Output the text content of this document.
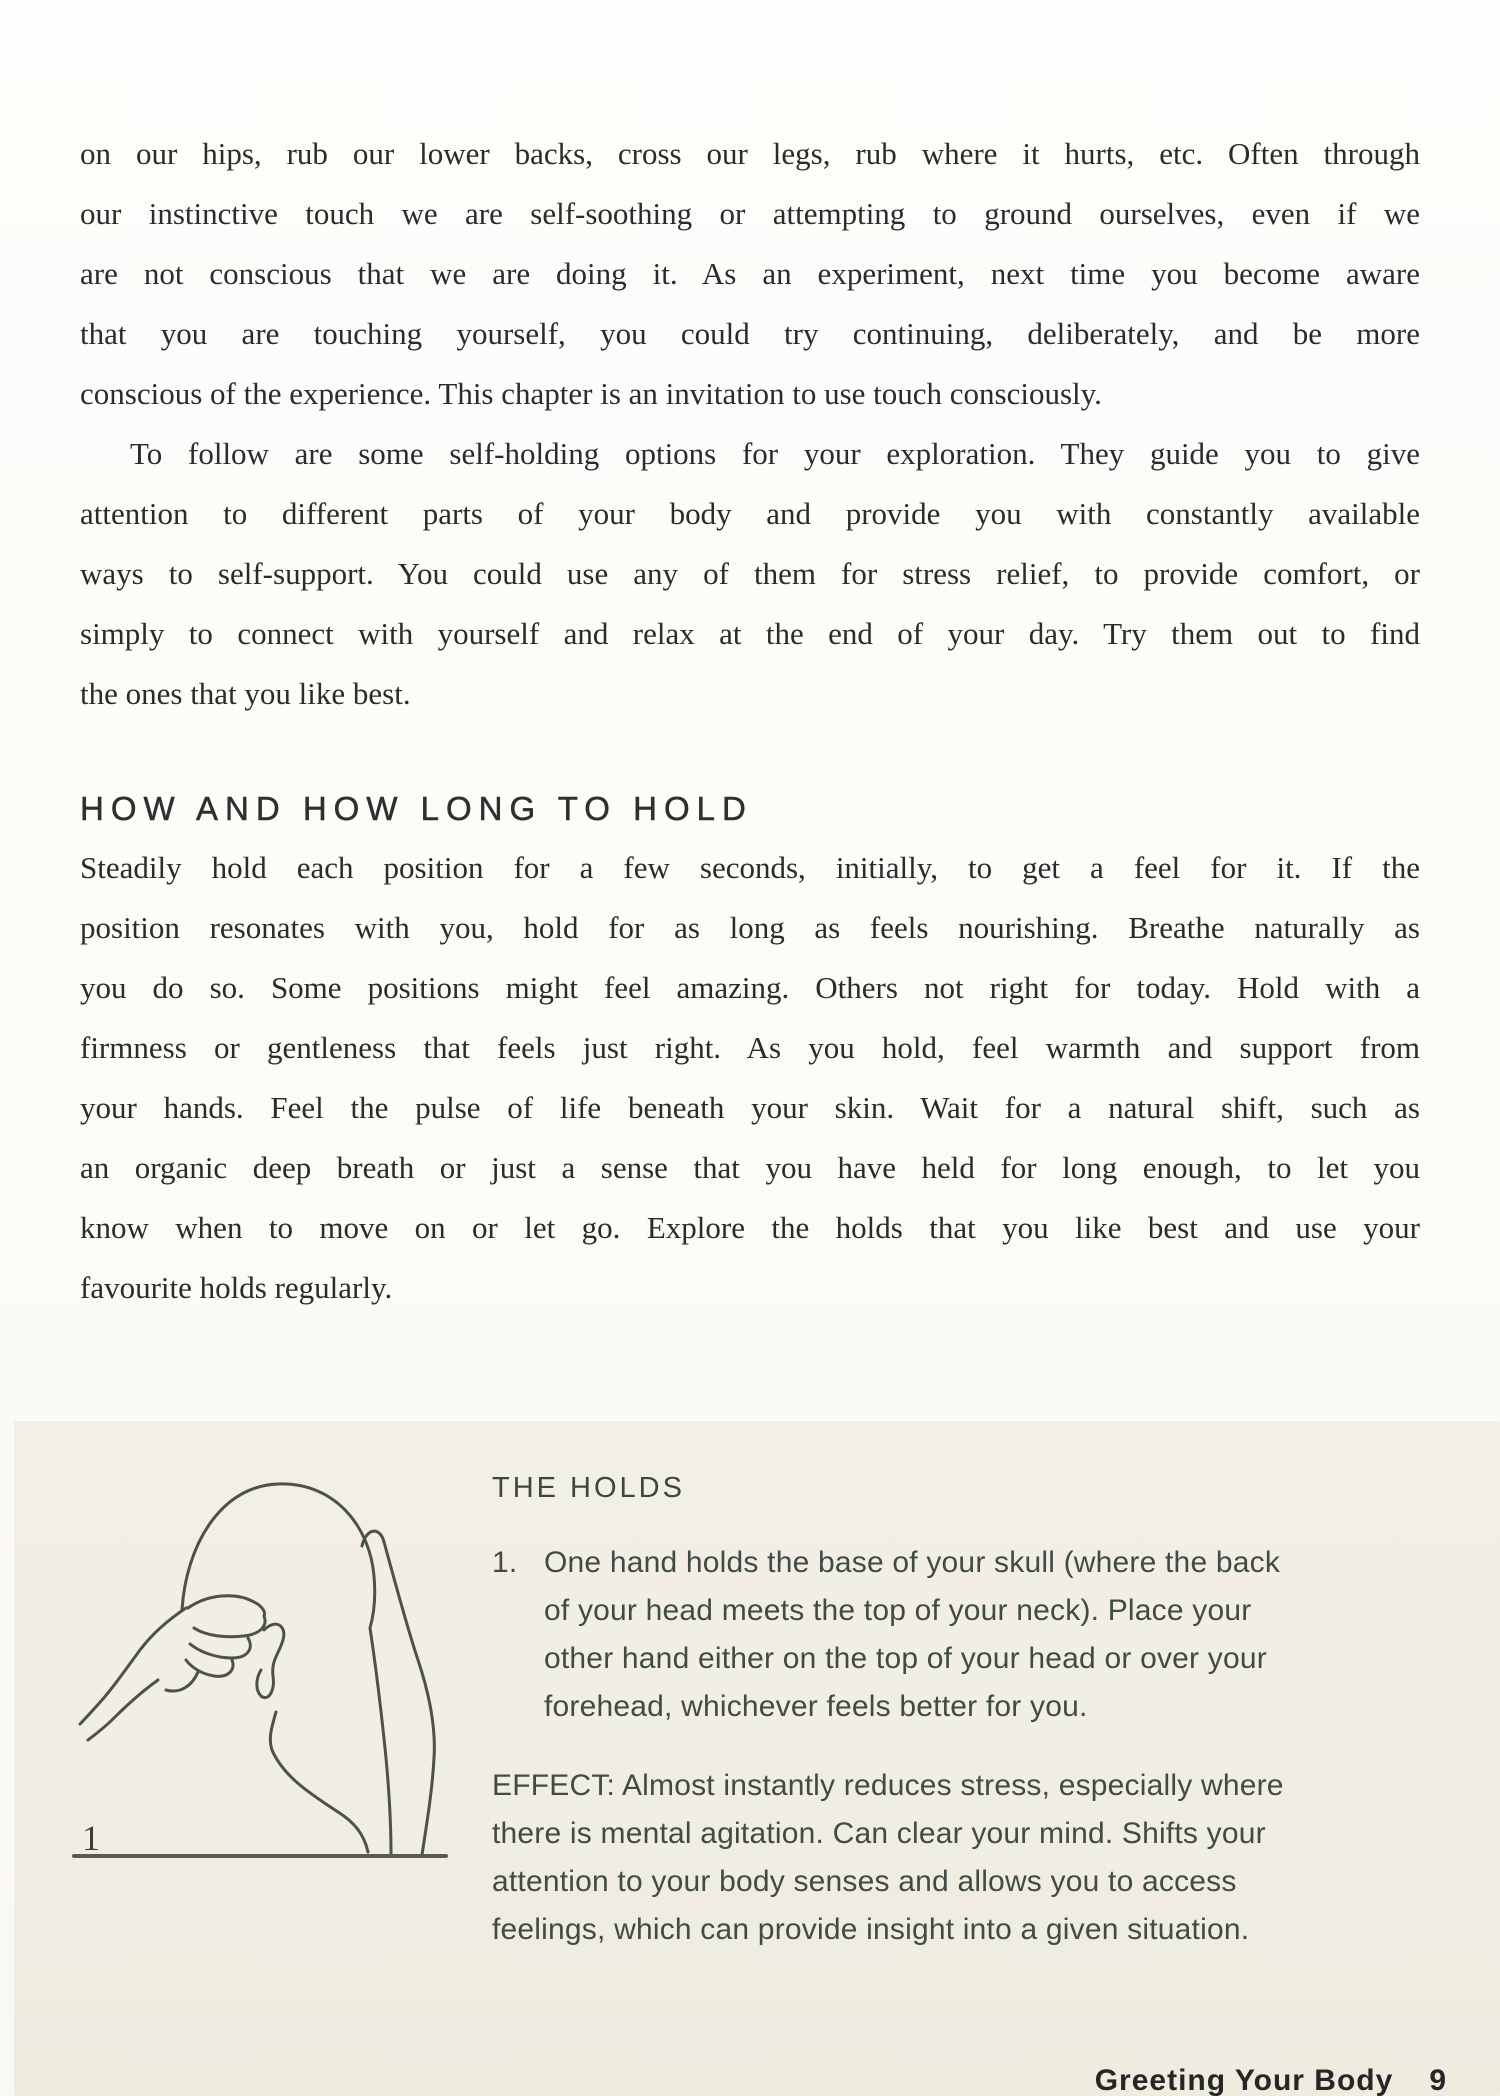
on our hips, rub our lower backs, cross our legs, rub where it hurts, etc. Often through
our instinctive touch we are self-soothing or attempting to ground ourselves, even if we
are not conscious that we are doing it. As an experiment, next time you become aware
that you are touching yourself, you could try continuing, deliberately, and be more
conscious of the experience. This chapter is an invitation to use touch consciously.
To follow are some self-holding options for your exploration. They guide you to give
attention to different parts of your body and provide you with constantly available
ways to self-support. You could use any of them for stress relief, to provide comfort, or
simply to connect with yourself and relax at the end of your day. Try them out to find
the ones that you like best.
HOW AND HOW LONG TO HOLD
Steadily hold each position for a few seconds, initially, to get a feel for it. If the
position resonates with you, hold for as long as feels nourishing. Breathe naturally as
you do so. Some positions might feel amazing. Others not right for today. Hold with a
firmness or gentleness that feels just right. As you hold, feel warmth and support from
your hands. Feel the pulse of life beneath your skin. Wait for a natural shift, such as
an organic deep breath or just a sense that you have held for long enough, to let you
know when to move on or let go. Explore the holds that you like best and use your
favourite holds regularly.
1
THE HOLDS
1. One hand holds the base of your skull (where the back
of your head meets the top of your neck). Place your
other hand either on the top of your head or over your
forehead, whichever feels better for you.
EFFECT: Almost instantly reduces stress, especially where
there is mental agitation. Can clear your mind. Shifts your
attention to your body senses and allows you to access
feelings, which can provide insight into a given situation.
Greeting Your Body 9
